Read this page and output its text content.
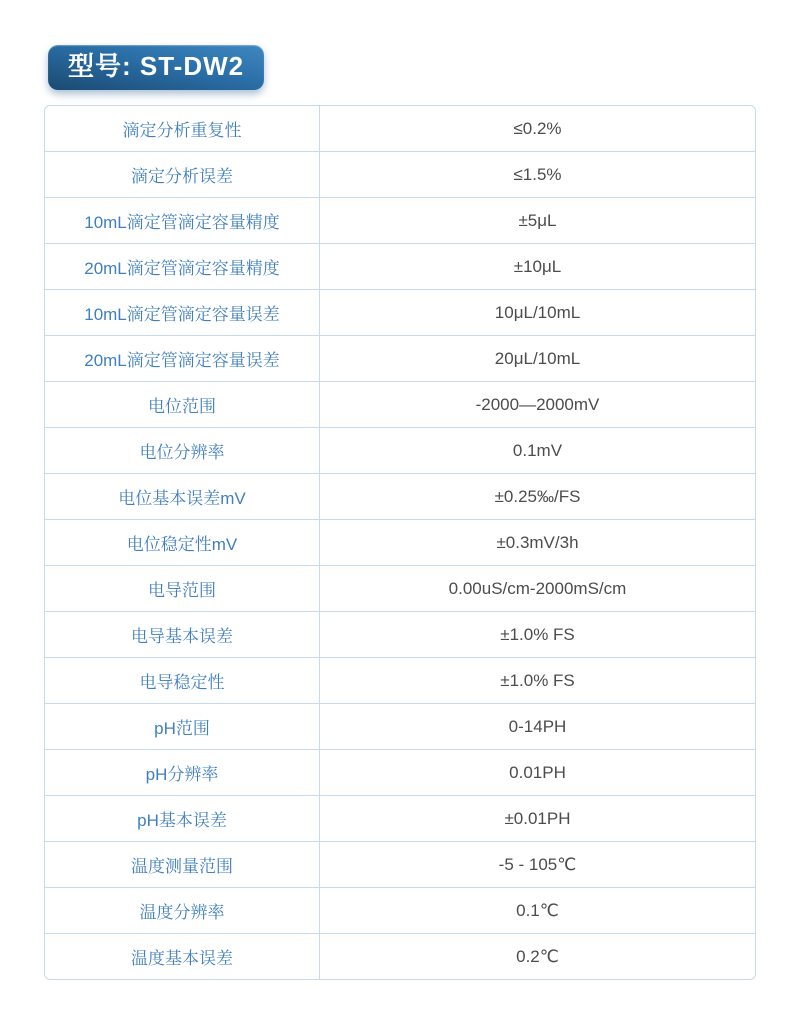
型号: ST-DW2
滴定分析重复性	≤0.2%
滴定分析误差	≤1.5%
10mL滴定管滴定容量精度	±5μL
20mL滴定管滴定容量精度	±10μL
10mL滴定管滴定容量误差	10μL/10mL
20mL滴定管滴定容量误差	20μL/10mL
电位范围	-2000—2000mV
电位分辨率	0.1mV
电位基本误差mV	±0.25‰/FS
电位稳定性mV	±0.3mV/3h
电导范围	0.00uS/cm-2000mS/cm
电导基本误差	±1.0% FS
电导稳定性	±1.0% FS
pH范围	0-14PH
pH分辨率	0.01PH
pH基本误差	±0.01PH
温度测量范围	-5 - 105℃
温度分辨率	0.1℃
温度基本误差	0.2℃
